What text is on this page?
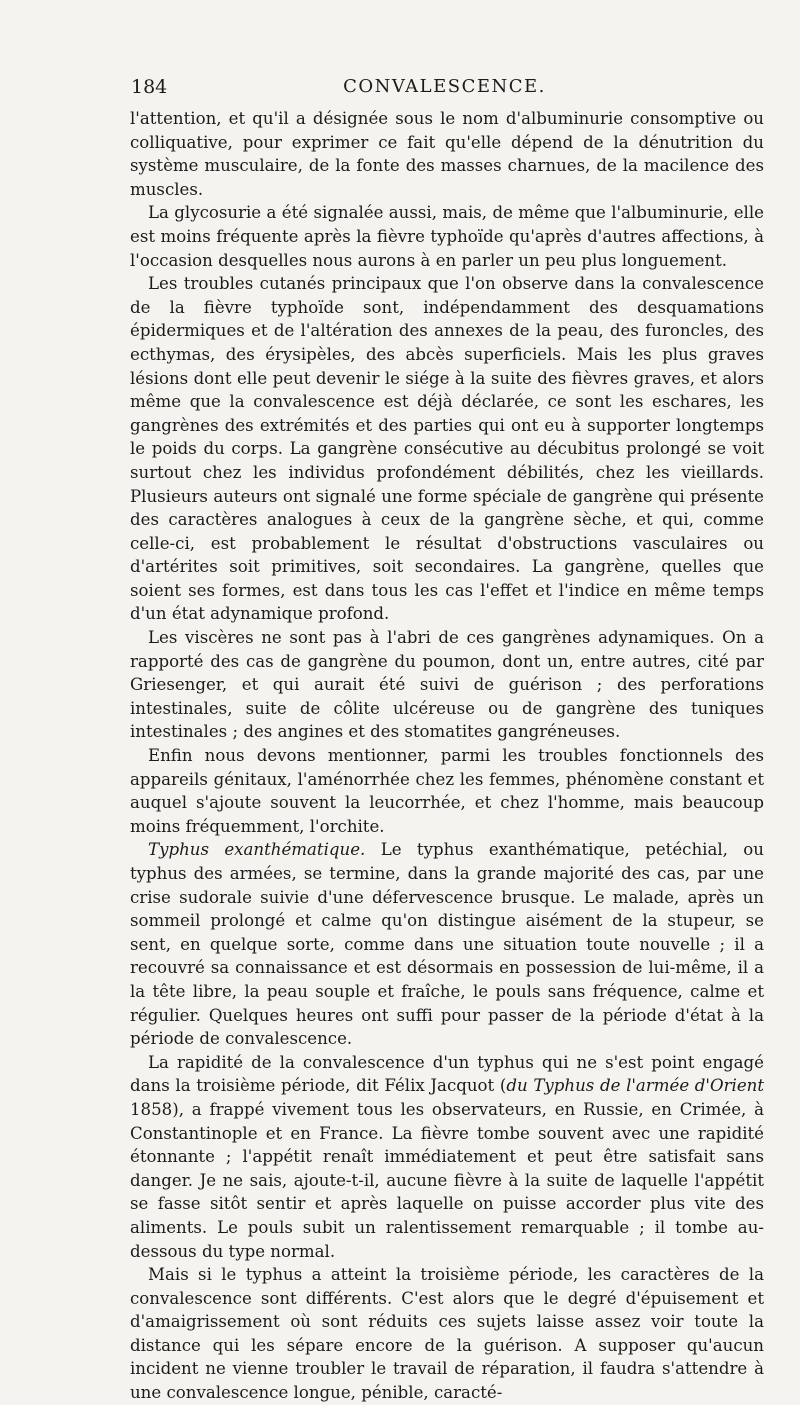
184	CONVALESCENCE.

l'attention, et qu'il a désignée sous le nom d'albuminurie consomptive ou colliquative, pour exprimer ce fait qu'elle dépend de la dénutrition du système musculaire, de la fonte des masses charnues, de la macilence des muscles.

La glycosurie a été signalée aussi, mais, de même que l'albuminurie, elle est moins fréquente après la fièvre typhoïde qu'après d'autres affections, à l'occasion desquelles nous aurons à en parler un peu plus longuement.

Les troubles cutanés principaux que l'on observe dans la convalescence de la fièvre typhoïde sont, indépendamment des desquamations épidermiques et de l'altération des annexes de la peau, des furoncles, des ecthymas, des érysipèles, des abcès superficiels. Mais les plus graves lésions dont elle peut devenir le siége à la suite des fièvres graves, et alors même que la convalescence est déjà déclarée, ce sont les eschares, les gangrènes des extrémités et des parties qui ont eu à supporter longtemps le poids du corps. La gangrène consécutive au décubitus prolongé se voit surtout chez les individus profondément débilités, chez les vieillards. Plusieurs auteurs ont signalé une forme spéciale de gangrène qui présente des caractères analogues à ceux de la gangrène sèche, et qui, comme celle-ci, est probablement le résultat d'obstructions vasculaires ou d'artérites soit primitives, soit secondaires. La gangrène, quelles que soient ses formes, est dans tous les cas l'effet et l'indice en même temps d'un état adynamique profond.

Les viscères ne sont pas à l'abri de ces gangrènes adynamiques. On a rapporté des cas de gangrène du poumon, dont un, entre autres, cité par Griesenger, et qui aurait été suivi de guérison ; des perforations intestinales, suite de côlite ulcéreuse ou de gangrène des tuniques intestinales ; des angines et des stomatites gangréneuses.

Enfin nous devons mentionner, parmi les troubles fonctionnels des appareils génitaux, l'aménorrhée chez les femmes, phénomène constant et auquel s'ajoute souvent la leucorrhée, et chez l'homme, mais beaucoup moins fréquemment, l'orchite.

Typhus exanthématique. Le typhus exanthématique, petéchial, ou typhus des armées, se termine, dans la grande majorité des cas, par une crise sudorale suivie d'une défervescence brusque. Le malade, après un sommeil prolongé et calme qu'on distingue aisément de la stupeur, se sent, en quelque sorte, comme dans une situation toute nouvelle ; il a recouvré sa connaissance et est désormais en possession de lui-même, il a la tête libre, la peau souple et fraîche, le pouls sans fréquence, calme et régulier. Quelques heures ont suffi pour passer de la période d'état à la période de convalescence.

La rapidité de la convalescence d'un typhus qui ne s'est point engagé dans la troisième période, dit Félix Jacquot (du Typhus de l'armée d'Orient 1858), a frappé vivement tous les observateurs, en Russie, en Crimée, à Constantinople et en France. La fièvre tombe souvent avec une rapidité étonnante ; l'appétit renaît immédiatement et peut être satisfait sans danger. Je ne sais, ajoute-t-il, aucune fièvre à la suite de laquelle l'appétit se fasse sitôt sentir et après laquelle on puisse accorder plus vite des aliments. Le pouls subit un ralentissement remarquable ; il tombe au-dessous du type normal.

Mais si le typhus a atteint la troisième période, les caractères de la convalescence sont différents. C'est alors que le degré d'épuisement et d'amaigrissement où sont réduits ces sujets laisse assez voir toute la distance qui les sépare encore de la guérison. A supposer qu'aucun incident ne vienne troubler le travail de réparation, il faudra s'attendre à une convalescence longue, pénible, caracté-
